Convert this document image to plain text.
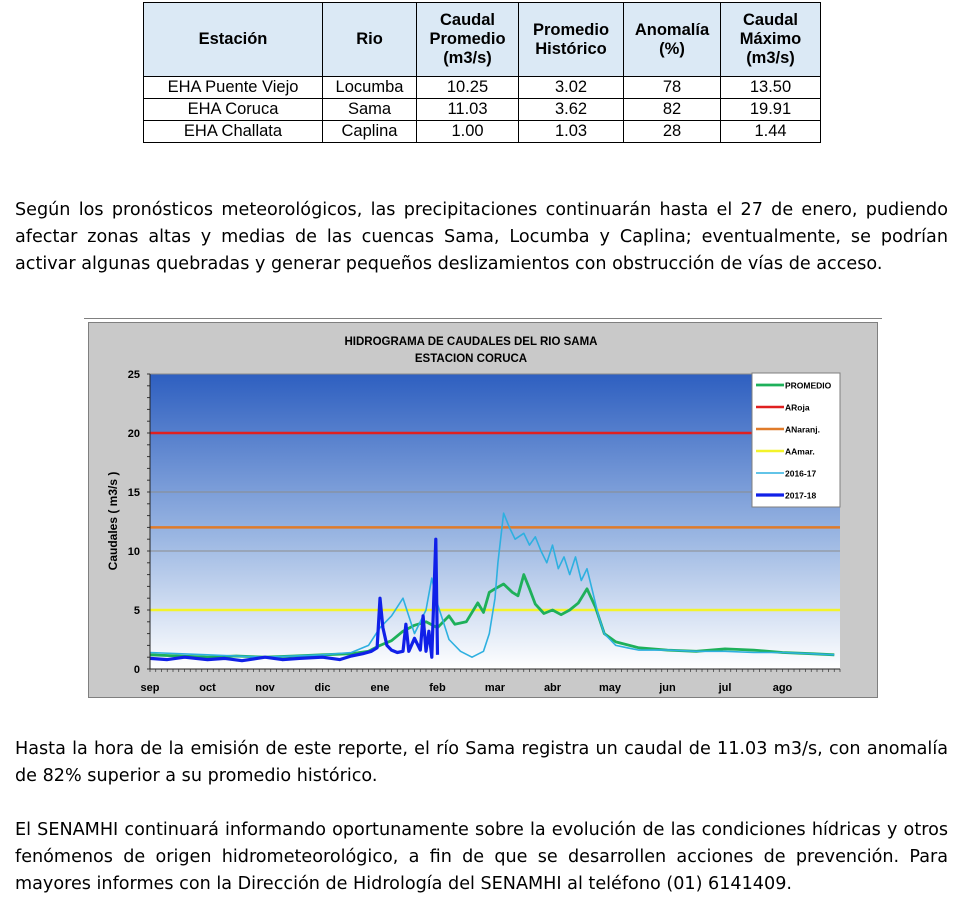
Estación	Rio	Caudal Promedio (m3/s)	Promedio Histórico	Anomalía (%)	Caudal Máximo (m3/s)
EHA Puente Viejo	Locumba	10.25	3.02	78	13.50
EHA Coruca	Sama	11.03	3.62	82	19.91
EHA Challata	Caplina	1.00	1.03	28	1.44

Según los pronósticos meteorológicos, las precipitaciones continuarán hasta el 27 de enero, pudiendo afectar zonas altas y medias de las cuencas Sama, Locumba y Caplina; eventualmente, se podrían activar algunas quebradas y generar pequeños deslizamientos con obstrucción de vías de acceso.

HIDROGRAMA DE CAUDALES DEL RIO SAMA
ESTACION CORUCA
0
5
10
15
20
25
sep	oct	nov	dic	ene	feb	mar	abr	may	jun	jul	ago
Caudales ( m3/s )
PROMEDIO
ARoja
ANaranj.
AAmar.
2016-17
2017-18

Hasta la hora de la emisión de este reporte, el río Sama registra un caudal de 11.03 m3/s, con anomalía de 82% superior a su promedio histórico.

El SENAMHI continuará informando oportunamente sobre la evolución de las condiciones hídricas y otros fenómenos de origen hidrometeorológico, a fin de que se desarrollen acciones de prevención. Para mayores informes con la Dirección de Hidrología del SENAMHI al teléfono (01) 6141409.
